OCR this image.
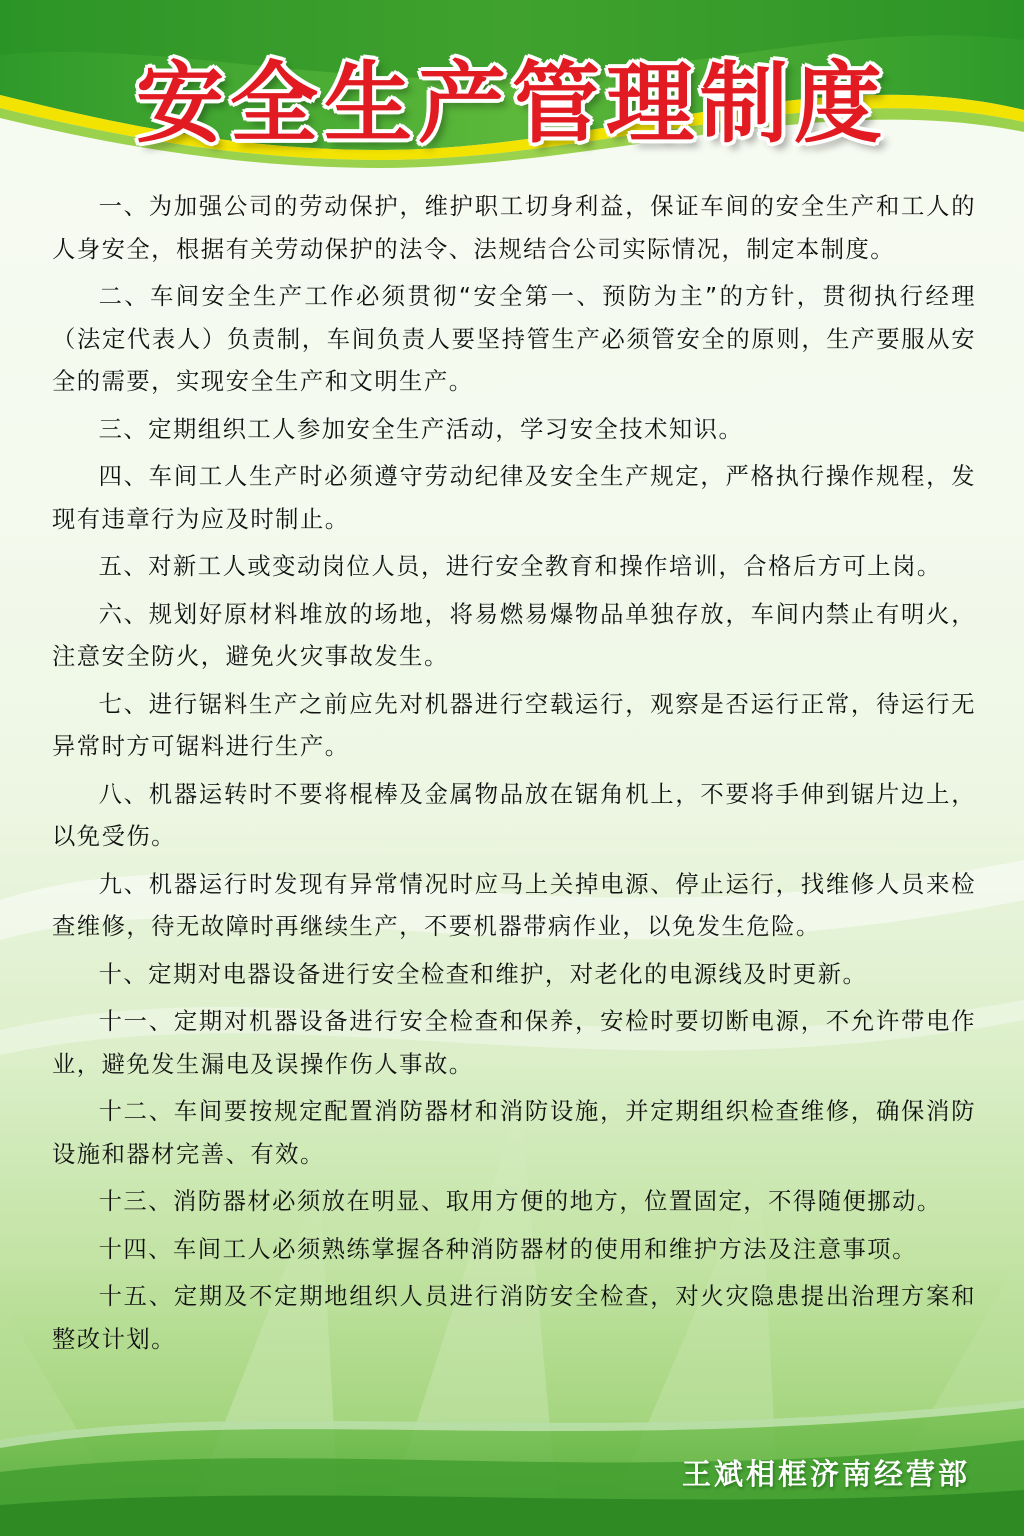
安全生产管理制度

一、为加强公司的劳动保护，维护职工切身利益，保证车间的安全生产和工人的人身安全，根据有关劳动保护的法令、法规结合公司实际情况，制定本制度。

二、车间安全生产工作必须贯彻“安全第一、预防为主”的方针，贯彻执行经理（法定代表人）负责制，车间负责人要坚持管生产必须管安全的原则，生产要服从安全的需要，实现安全生产和文明生产。

三、定期组织工人参加安全生产活动，学习安全技术知识。

四、车间工人生产时必须遵守劳动纪律及安全生产规定，严格执行操作规程，发现有违章行为应及时制止。

五、对新工人或变动岗位人员，进行安全教育和操作培训，合格后方可上岗。

六、规划好原材料堆放的场地，将易燃易爆物品单独存放，车间内禁止有明火，注意安全防火，避免火灾事故发生。

七、进行锯料生产之前应先对机器进行空载运行，观察是否运行正常，待运行无异常时方可锯料进行生产。

八、机器运转时不要将棍棒及金属物品放在锯角机上，不要将手伸到锯片边上，以免受伤。

九、机器运行时发现有异常情况时应马上关掉电源、停止运行，找维修人员来检查维修，待无故障时再继续生产，不要机器带病作业，以免发生危险。

十、定期对电器设备进行安全检查和维护，对老化的电源线及时更新。

十一、定期对机器设备进行安全检查和保养，安检时要切断电源，不允许带电作业，避免发生漏电及误操作伤人事故。

十二、车间要按规定配置消防器材和消防设施，并定期组织检查维修，确保消防设施和器材完善、有效。

十三、消防器材必须放在明显、取用方便的地方，位置固定，不得随便挪动。

十四、车间工人必须熟练掌握各种消防器材的使用和维护方法及注意事项。

十五、定期及不定期地组织人员进行消防安全检查，对火灾隐患提出治理方案和整改计划。

王斌相框济南经营部
